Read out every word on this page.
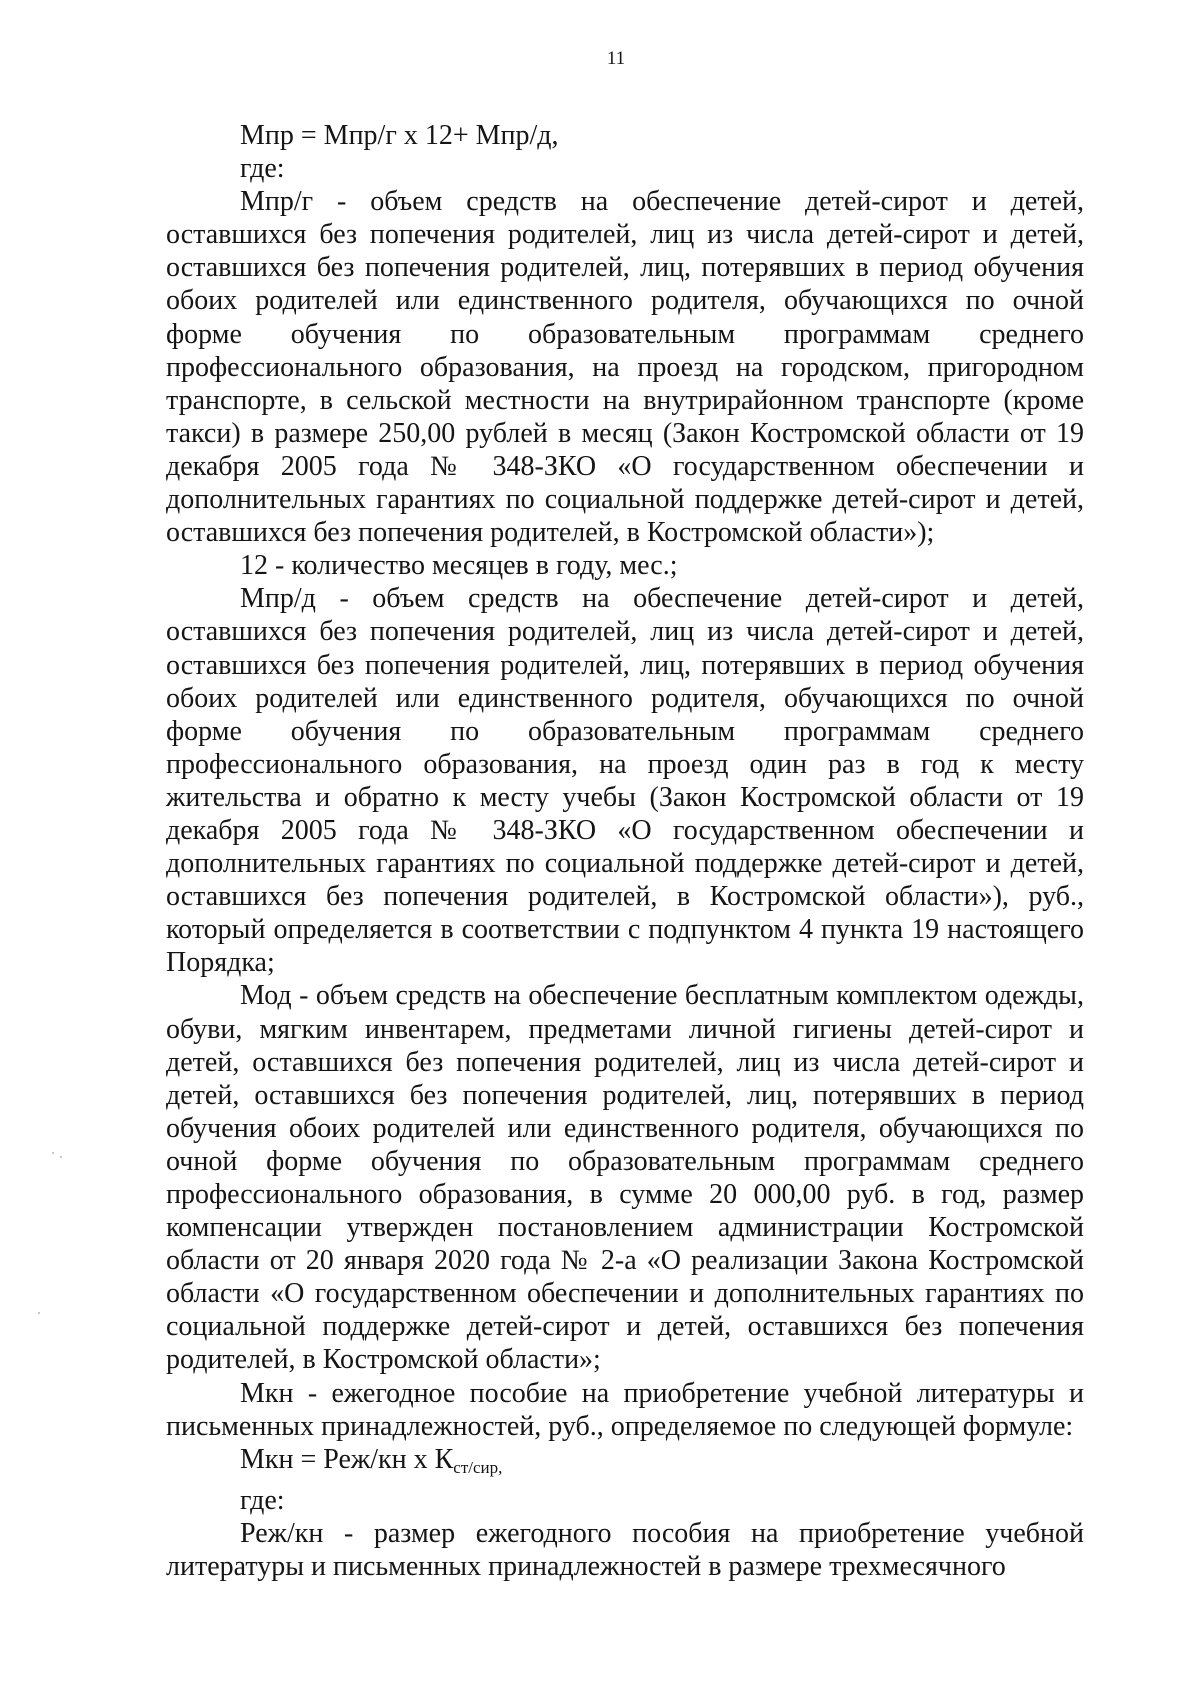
11

Мпр = Мпр/г х 12+ Мпр/д,

где:

Мпр/г - объем средств на обеспечение детей-сирот и детей, оставшихся без попечения родителей, лиц из числа детей-сирот и детей, оставшихся без попечения родителей, лиц, потерявших в период обучения обоих родителей или единственного родителя, обучающихся по очной форме обучения по образовательным программам среднего профессионального образования, на проезд на городском, пригородном транспорте, в сельской местности на внутрирайонном транспорте (кроме такси) в размере 250,00 рублей в месяц (Закон Костромской области от 19 декабря 2005 года № 348-ЗКО «О государственном обеспечении и дополнительных гарантиях по социальной поддержке детей-сирот и детей, оставшихся без попечения родителей, в Костромской области»);

12 - количество месяцев в году, мес.;

Мпр/д - объем средств на обеспечение детей-сирот и детей, оставшихся без попечения родителей, лиц из числа детей-сирот и детей, оставшихся без попечения родителей, лиц, потерявших в период обучения обоих родителей или единственного родителя, обучающихся по очной форме обучения по образовательным программам среднего профессионального образования, на проезд один раз в год к месту жительства и обратно к месту учебы (Закон Костромской области от 19 декабря 2005 года № 348-ЗКО «О государственном обеспечении и дополнительных гарантиях по социальной поддержке детей-сирот и детей, оставшихся без попечения родителей, в Костромской области»), руб., который определяется в соответствии с подпунктом 4 пункта 19 настоящего Порядка;

Мод - объем средств на обеспечение бесплатным комплектом одежды, обуви, мягким инвентарем, предметами личной гигиены детей-сирот и детей, оставшихся без попечения родителей, лиц из числа детей-сирот и детей, оставшихся без попечения родителей, лиц, потерявших в период обучения обоих родителей или единственного родителя, обучающихся по очной форме обучения по образовательным программам среднего профессионального образования, в сумме 20 000,00 руб. в год, размер компенсации утвержден постановлением администрации Костромской области от 20 января 2020 года № 2-а «О реализации Закона Костромской области «О государственном обеспечении и дополнительных гарантиях по социальной поддержке детей-сирот и детей, оставшихся без попечения родителей, в Костромской области»;

Мкн - ежегодное пособие на приобретение учебной литературы и письменных принадлежностей, руб., определяемое по следующей формуле:

Мкн = Реж/кн х $К_{ст/сир,}$

где:

Реж/кн - размер ежегодного пособия на приобретение учебной литературы и письменных принадлежностей в размере трехмесячного
